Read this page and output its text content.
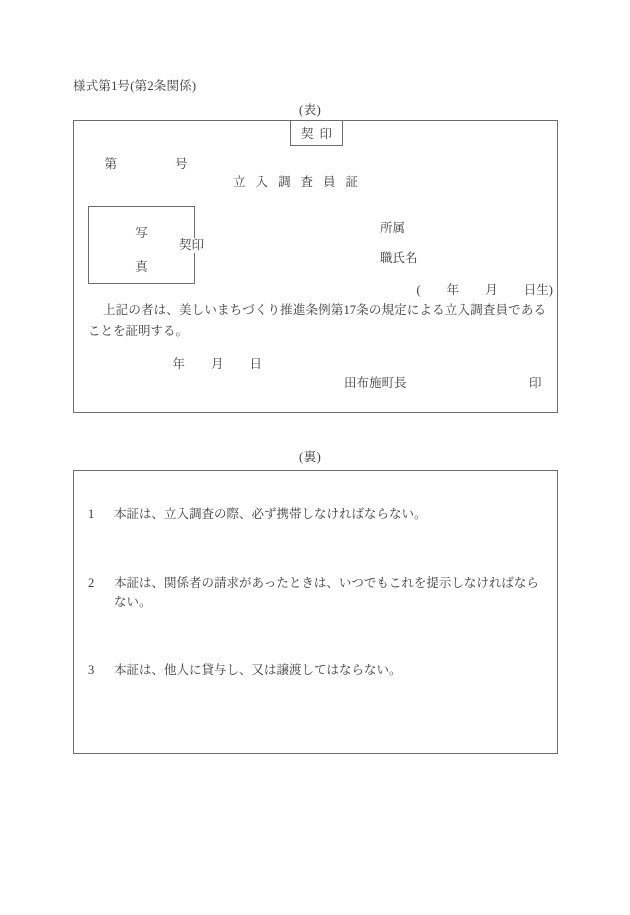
様式第1号(第2条関係)
(表)
契印

第	号

立入調査員証
写
真
契印
所属
職氏名

( 年 月 日生)

上記の者は、美しいまちづくり推進条例第17条の規定による立入調査員であることを証明する。

年 月 日

田布施町長	印
(裏)
1	本証は、立入調査の際、必ず携帯しなければならない。
2	本証は、関係者の請求があったときは、いつでもこれを提示しなければならない。
3	本証は、他人に貸与し、又は譲渡してはならない。
